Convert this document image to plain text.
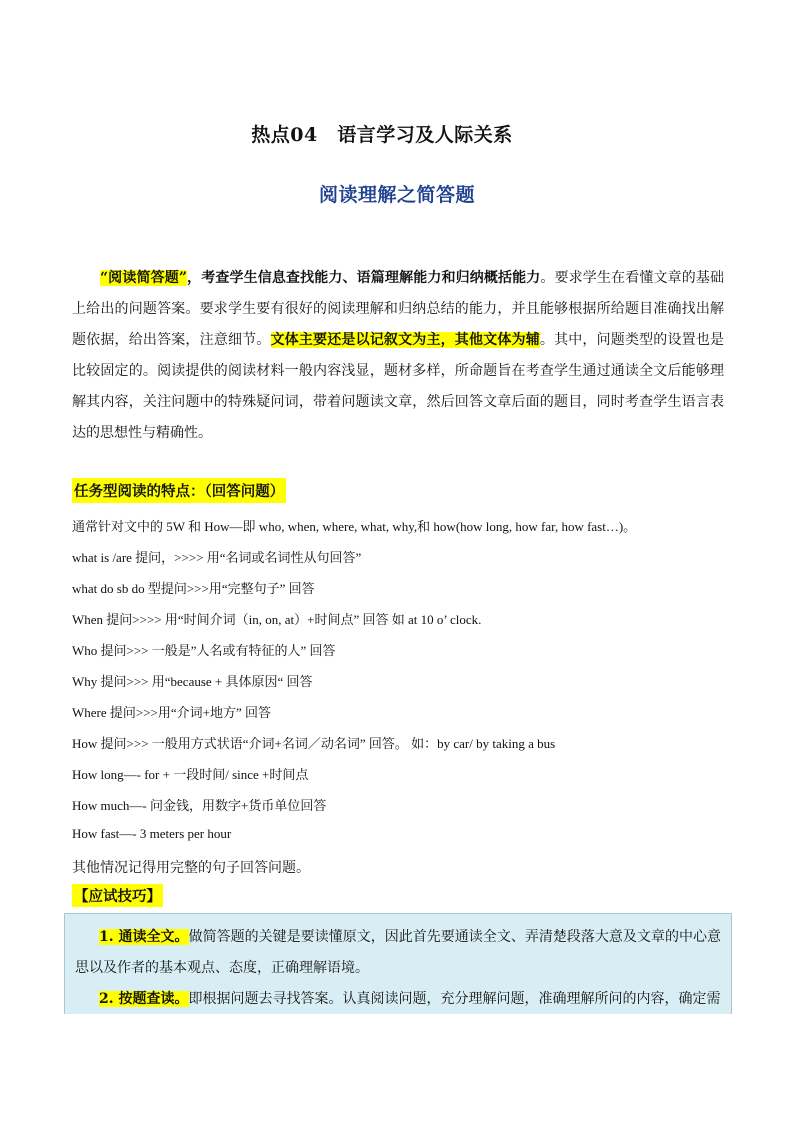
热点04　语言学习及人际关系
阅读理解之简答题
“阅读简答题”，考查学生信息查找能力、语篇理解能力和归纳概括能力。要求学生在看懂文章的基础上给出的问题答案。要求学生要有很好的阅读理解和归纳总结的能力，并且能够根据所给题目准确找出解题依据，给出答案，注意细节。文体主要还是以记叙文为主，其他文体为辅。其中，问题类型的设置也是比较固定的。阅读提供的阅读材料一般内容浅显，题材多样，所命题旨在考查学生通过通读全文后能够理解其内容，关注问题中的特殊疑问词，带着问题读文章，然后回答文章后面的题目，同时考查学生语言表达的思想性与精确性。
任务型阅读的特点：（回答问题）
通常针对文中的 5W 和 How—即 who, when, where, what, why,和 how(how long, how far, how fast…)。
what is /are 提问，>>>> 用“名词或名词性从句回答”
what do sb do 型提问>>>用“完整句子” 回答
When 提问>>>> 用“时间介词（in, on, at）+时间点” 回答 如 at 10 o’ clock.
Who 提问>>> 一般是”人名或有特征的人” 回答
Why 提问>>> 用“because + 具体原因“ 回答
Where 提问>>>用“介词+地方” 回答
How 提问>>> 一般用方式状语“介词+名词／动名词” 回答。 如：by car/ by taking a bus
How long—- for + 一段时间/ since +时间点
How much—- 问金钱，用数字+货币单位回答
How fast—- 3 meters per hour
其他情况记得用完整的句子回答问题。
【应试技巧】

1. 通读全文。做简答题的关键是要读懂原文，因此首先要通读全文、弄清楚段落大意及文章的中心意思以及作者的基本观点、态度，正确理解语境。

2. 按题查读。即根据问题去寻找答案。认真阅读问题，充分理解问题，准确理解所问的内容，确定需
